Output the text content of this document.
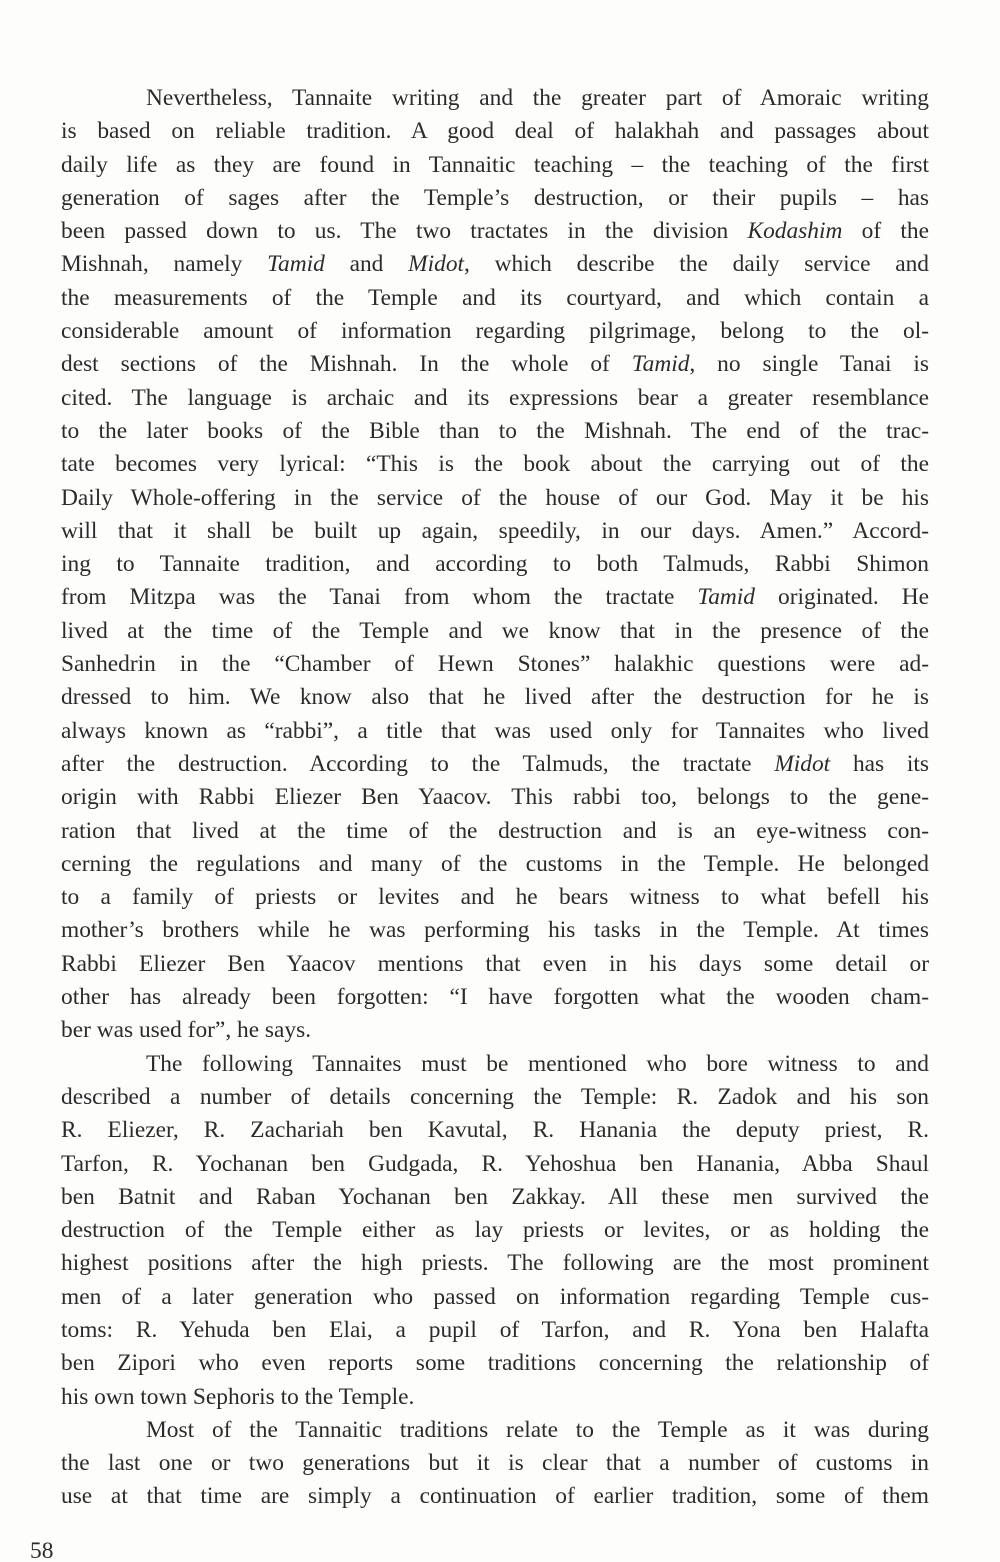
Nevertheless, Tannaite writing and the greater part of Amoraic writing
is based on reliable tradition. A good deal of halakhah and passages about
daily life as they are found in Tannaitic teaching – the teaching of the first
generation of sages after the Temple’s destruction, or their pupils – has
been passed down to us. The two tractates in the division Kodashim of the
Mishnah, namely Tamid and Midot, which describe the daily service and
the measurements of the Temple and its courtyard, and which contain a
considerable amount of information regarding pilgrimage, belong to the ol-
dest sections of the Mishnah. In the whole of Tamid, no single Tanai is
cited. The language is archaic and its expressions bear a greater resemblance
to the later books of the Bible than to the Mishnah. The end of the trac-
tate becomes very lyrical: “This is the book about the carrying out of the
Daily Whole-offering in the service of the house of our God. May it be his
will that it shall be built up again, speedily, in our days. Amen.” Accord-
ing to Tannaite tradition, and according to both Talmuds, Rabbi Shimon
from Mitzpa was the Tanai from whom the tractate Tamid originated. He
lived at the time of the Temple and we know that in the presence of the
Sanhedrin in the “Chamber of Hewn Stones” halakhic questions were ad-
dressed to him. We know also that he lived after the destruction for he is
always known as “rabbi”, a title that was used only for Tannaites who lived
after the destruction. According to the Talmuds, the tractate Midot has its
origin with Rabbi Eliezer Ben Yaacov. This rabbi too, belongs to the gene-
ration that lived at the time of the destruction and is an eye-witness con-
cerning the regulations and many of the customs in the Temple. He belonged
to a family of priests or levites and he bears witness to what befell his
mother’s brothers while he was performing his tasks in the Temple. At times
Rabbi Eliezer Ben Yaacov mentions that even in his days some detail or
other has already been forgotten: “I have forgotten what the wooden cham-
ber was used for”, he says.
The following Tannaites must be mentioned who bore witness to and
described a number of details concerning the Temple: R. Zadok and his son
R. Eliezer, R. Zachariah ben Kavutal, R. Hanania the deputy priest, R.
Tarfon, R. Yochanan ben Gudgada, R. Yehoshua ben Hanania, Abba Shaul
ben Batnit and Raban Yochanan ben Zakkay. All these men survived the
destruction of the Temple either as lay priests or levites, or as holding the
highest positions after the high priests. The following are the most prominent
men of a later generation who passed on information regarding Temple cus-
toms: R. Yehuda ben Elai, a pupil of Tarfon, and R. Yona ben Halafta
ben Zipori who even reports some traditions concerning the relationship of
his own town Sephoris to the Temple.
Most of the Tannaitic traditions relate to the Temple as it was during
the last one or two generations but it is clear that a number of customs in
use at that time are simply a continuation of earlier tradition, some of them
58
